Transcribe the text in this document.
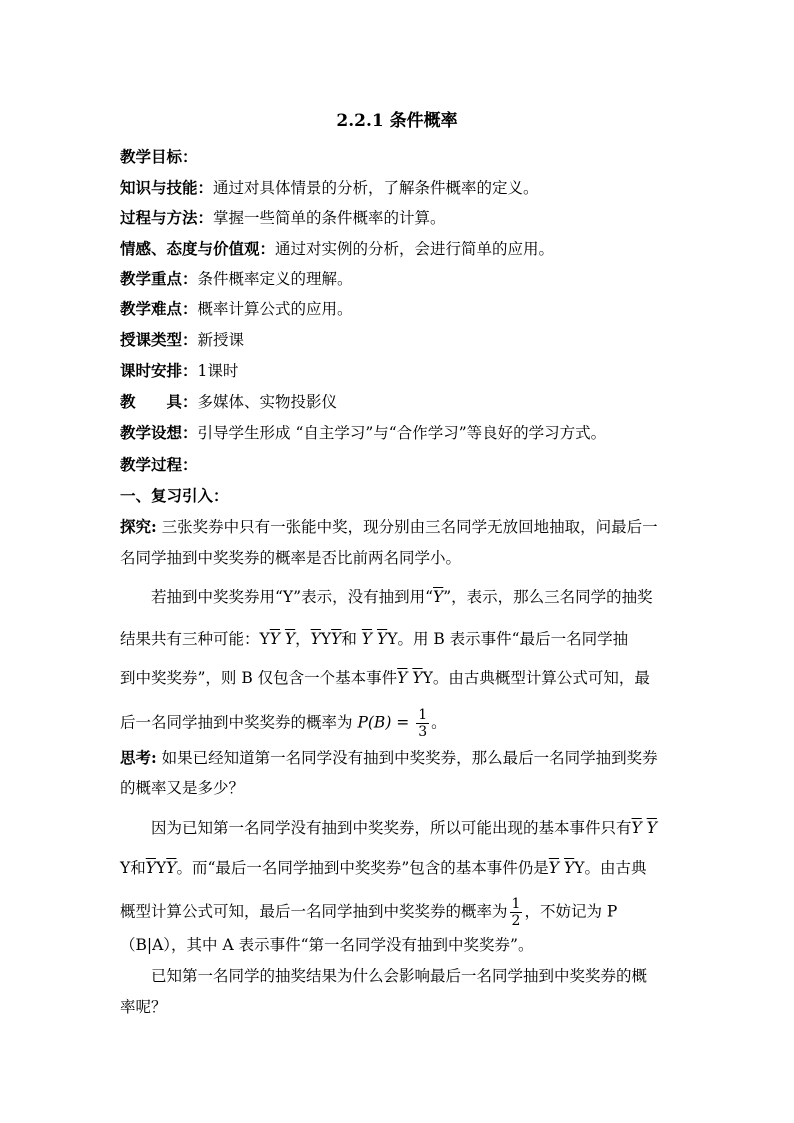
2.2.1 条件概率
教学目标：
知识与技能：通过对具体情景的分析，了解条件概率的定义。
过程与方法：掌握一些简单的条件概率的计算。
情感、态度与价值观：通过对实例的分析，会进行简单的应用。
教学重点：条件概率定义的理解。
教学难点：概率计算公式的应用。
授课类型：新授课
课时安排：1课时
教　　具：多媒体、实物投影仪
教学设想：引导学生形成 “自主学习”与“合作学习”等良好的学习方式。
教学过程：
一、复习引入：
探究: 三张奖券中只有一张能中奖，现分别由三名同学无放回地抽取，问最后一
名同学抽到中奖奖券的概率是否比前两名同学小。
若抽到中奖奖券用“Y”表示，没有抽到用“$\overline{Y}$”，表示，那么三名同学的抽奖
结果共有三种可能：$Y\overline{Y}$ $\overline{Y}$，$\overline{Y}Y\overline{Y}$和 $\overline{Y}$ $\overline{Y}Y$。用 B 表示事件“最后一名同学抽
到中奖奖券”，则 B 仅包含一个基本事件$\overline{Y}$ $\overline{Y}Y$。由古典概型计算公式可知，最
后一名同学抽到中奖奖券的概率为 $P(B) = \frac{1}{3}$ 。
思考: 如果已经知道第一名同学没有抽到中奖奖券，那么最后一名同学抽到奖券
的概率又是多少？
因为已知第一名同学没有抽到中奖奖券，所以可能出现的基本事件只有$\overline{Y}$ $\overline{Y}$
Y和$\overline{Y}Y\overline{Y}$。而“最后一名同学抽到中奖奖券”包含的基本事件仍是$\overline{Y}$ $\overline{Y}Y$。由古典
概型计算公式可知，最后一名同学抽到中奖奖券的概率为 $\frac{1}{2}$ ，不妨记为 P
（B|A），其中 A 表示事件“第一名同学没有抽到中奖奖券”。
已知第一名同学的抽奖结果为什么会影响最后一名同学抽到中奖奖券的概
率呢？
